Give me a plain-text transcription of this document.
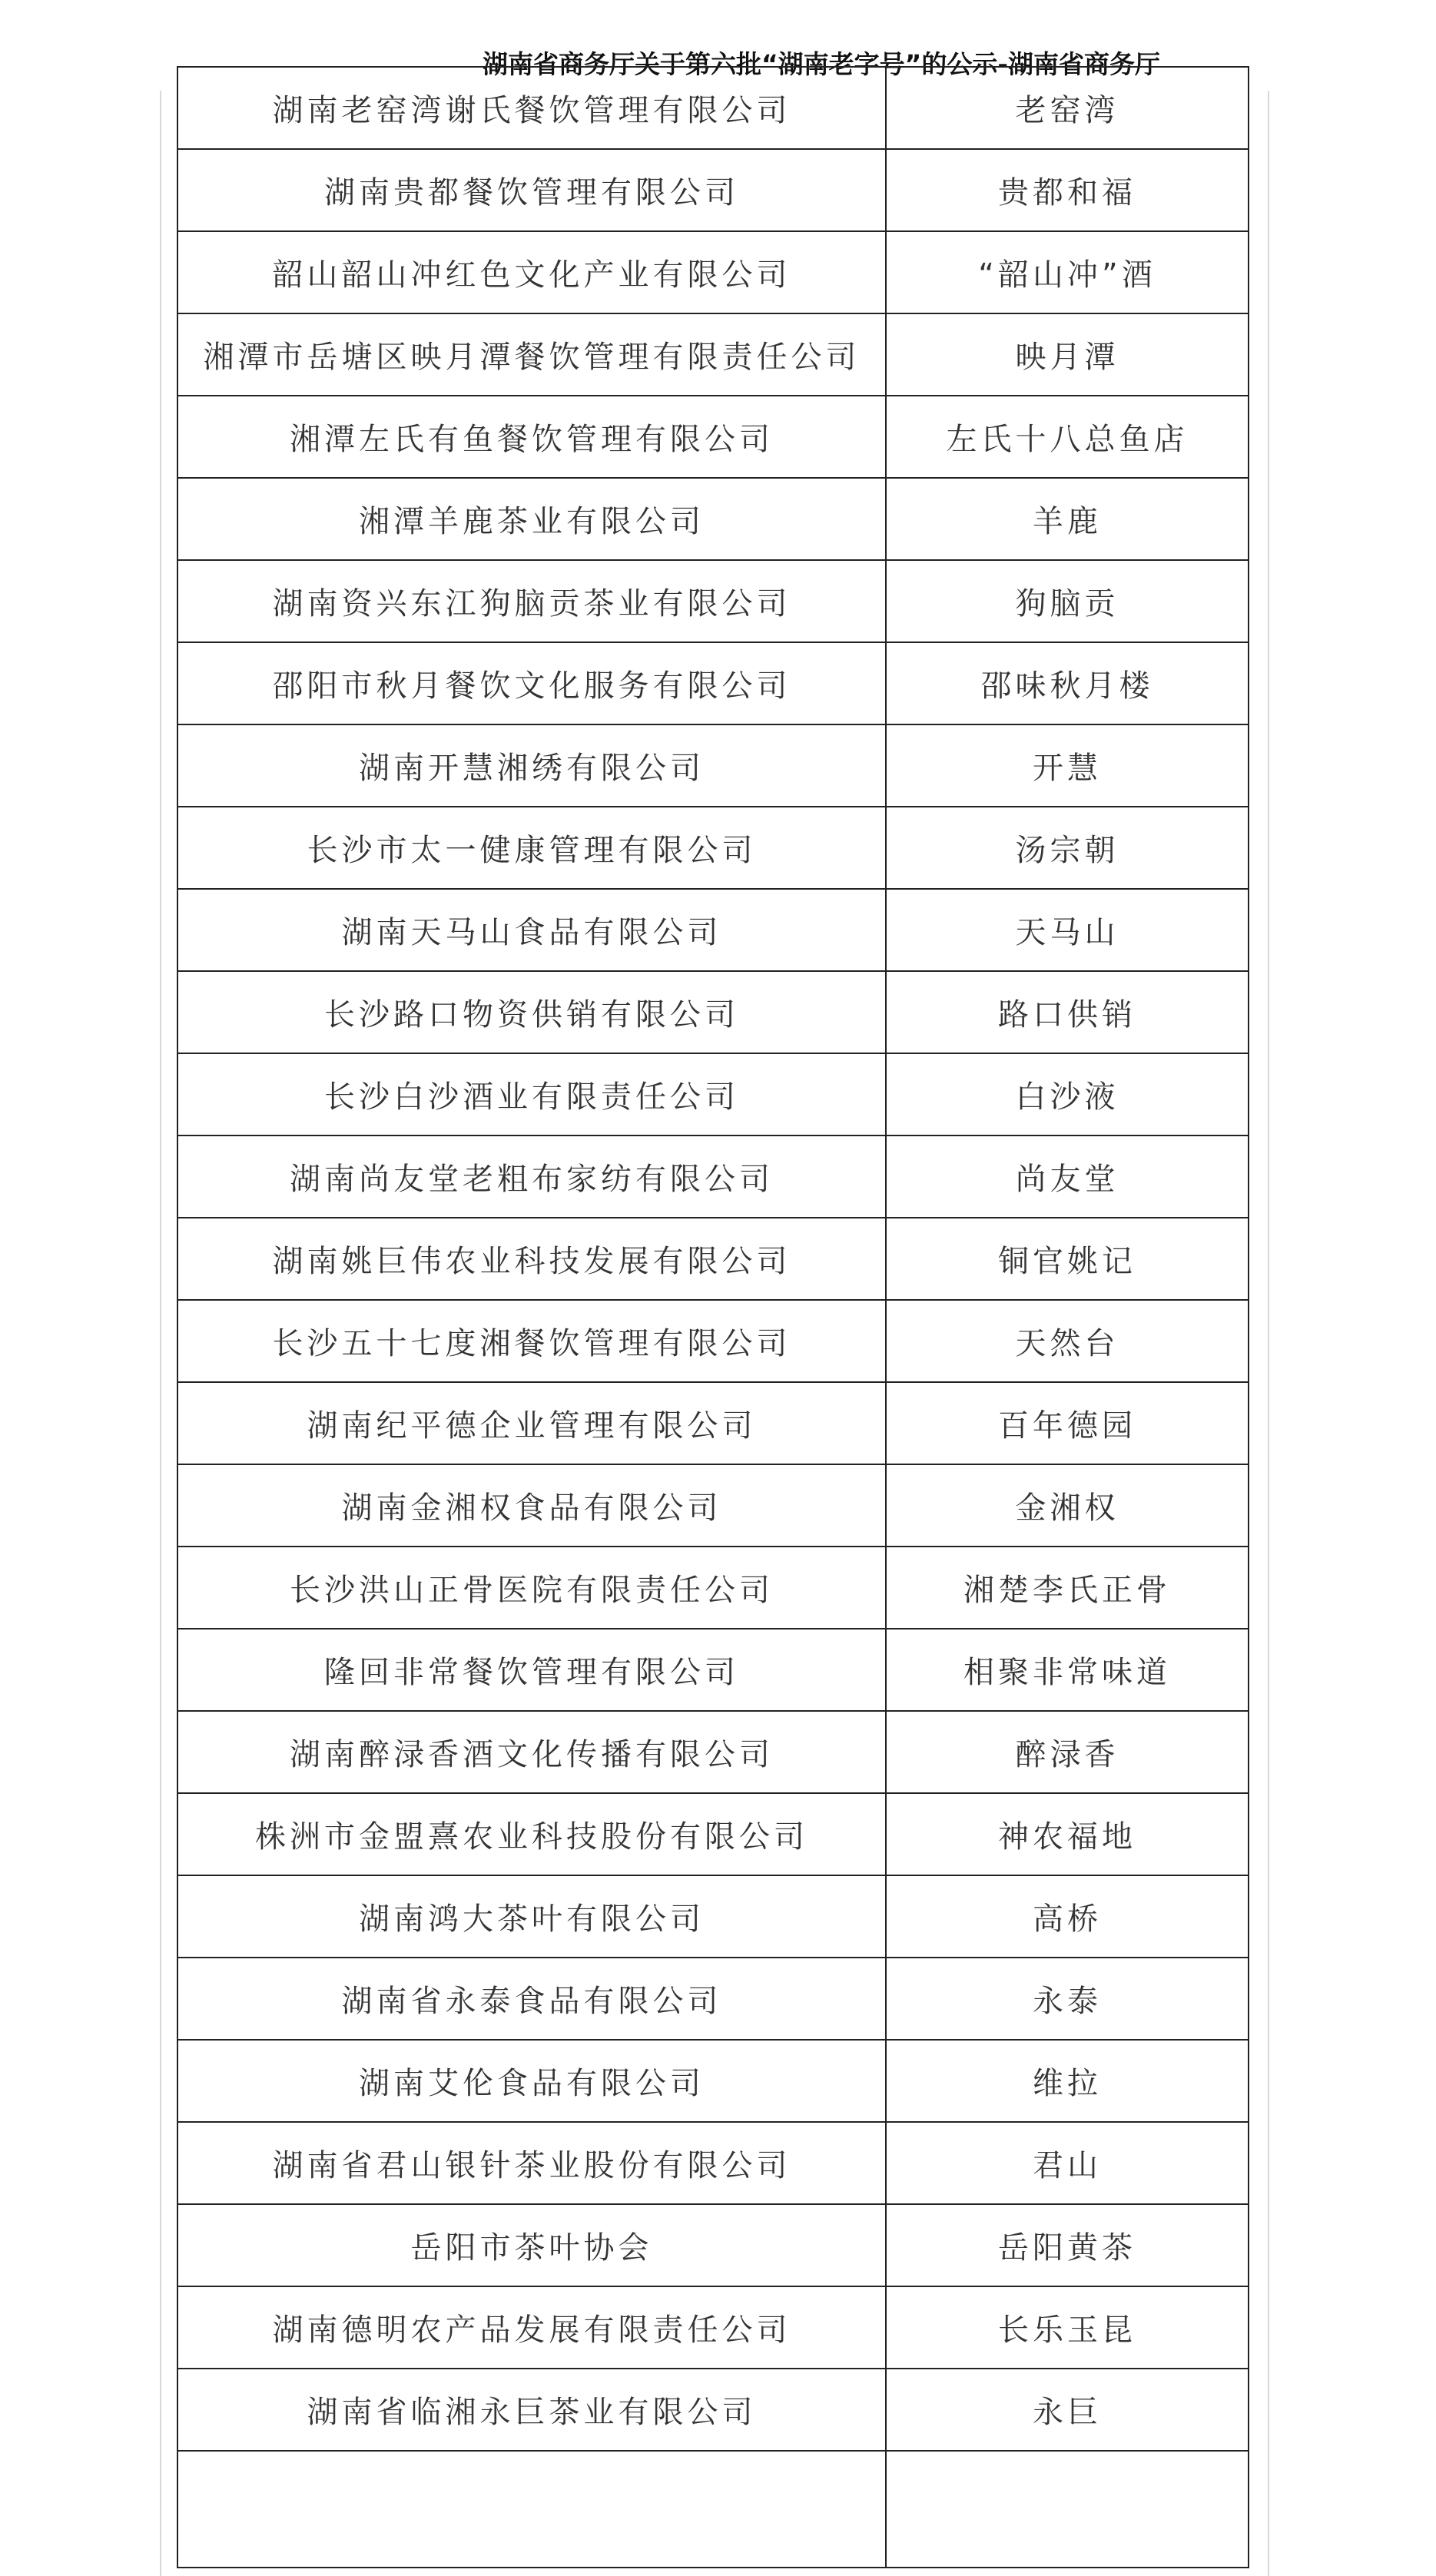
湖南省商务厅关于第六批“湖南老字号”的公示-湖南省商务厅
湖南老窑湾谢氏餐饮管理有限公司	老窑湾
湖南贵都餐饮管理有限公司	贵都和福
韶山韶山冲红色文化产业有限公司	“韶山冲”酒
湘潭市岳塘区映月潭餐饮管理有限责任公司	映月潭
湘潭左氏有鱼餐饮管理有限公司	左氏十八总鱼店
湘潭羊鹿茶业有限公司	羊鹿
湖南资兴东江狗脑贡茶业有限公司	狗脑贡
邵阳市秋月餐饮文化服务有限公司	邵味秋月楼
湖南开慧湘绣有限公司	开慧
长沙市太一健康管理有限公司	汤宗朝
湖南天马山食品有限公司	天马山
长沙路口物资供销有限公司	路口供销
长沙白沙酒业有限责任公司	白沙液
湖南尚友堂老粗布家纺有限公司	尚友堂
湖南姚巨伟农业科技发展有限公司	铜官姚记
长沙五十七度湘餐饮管理有限公司	天然台
湖南纪平德企业管理有限公司	百年德园
湖南金湘权食品有限公司	金湘权
长沙洪山正骨医院有限责任公司	湘楚李氏正骨
隆回非常餐饮管理有限公司	相聚非常味道
湖南醉渌香酒文化传播有限公司	醉渌香
株洲市金盟熹农业科技股份有限公司	神农福地
湖南鸿大茶叶有限公司	高桥
湖南省永泰食品有限公司	永泰
湖南艾伦食品有限公司	维拉
湖南省君山银针茶业股份有限公司	君山
岳阳市茶叶协会	岳阳黄茶
湖南德明农产品发展有限责任公司	长乐玉昆
湖南省临湘永巨茶业有限公司	永巨
